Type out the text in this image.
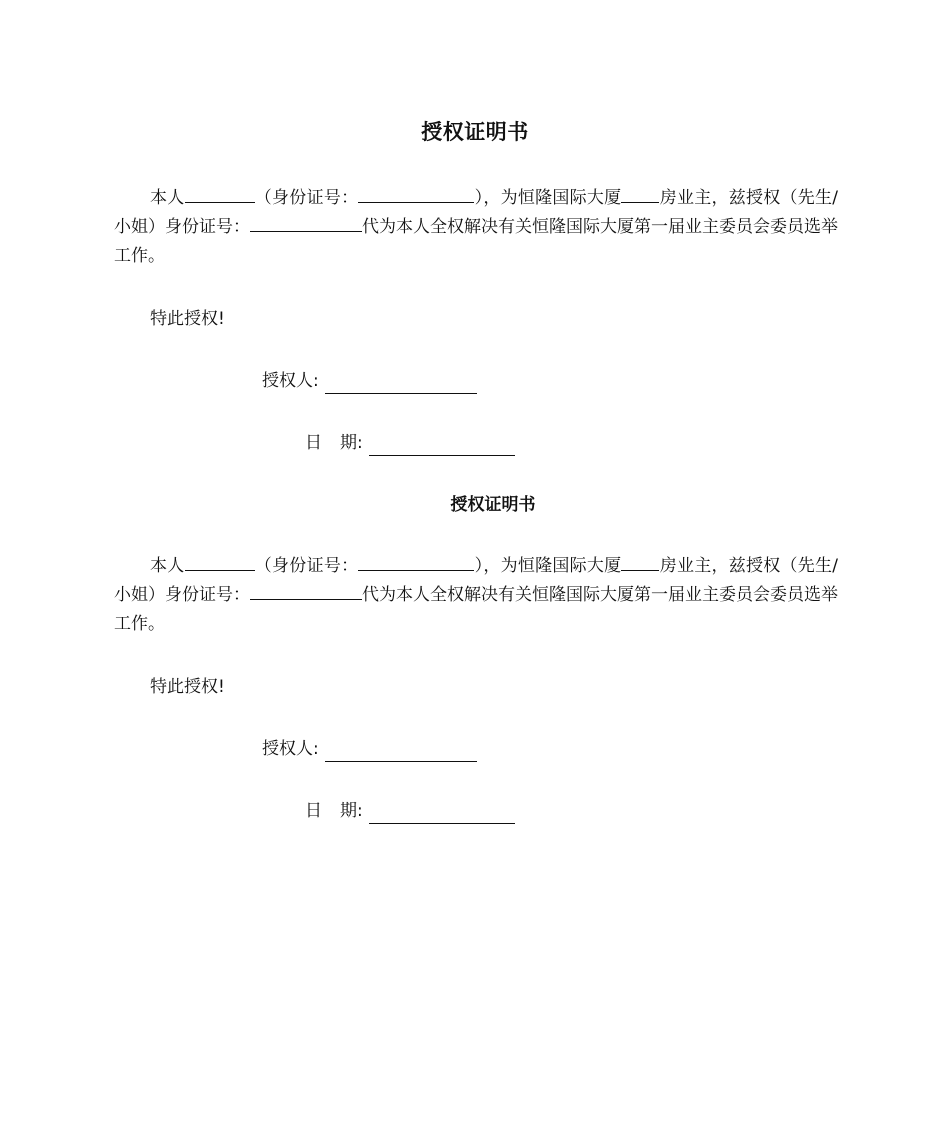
授权证明书

本人	（身份证号：	），为恒隆国际大厦 房业主，兹授权（先生/小姐）身份证号：	代为本人全权解决有关恒隆国际大厦第一届业主委员会委员选举工作。

特此授权!
授权人:
日 期:
授权证明书

本人	（身份证号：	），为恒隆国际大厦 房业主，兹授权（先生/小姐）身份证号：	代为本人全权解决有关恒隆国际大厦第一届业主委员会委员选举工作。

特此授权!
授权人:
日 期:
